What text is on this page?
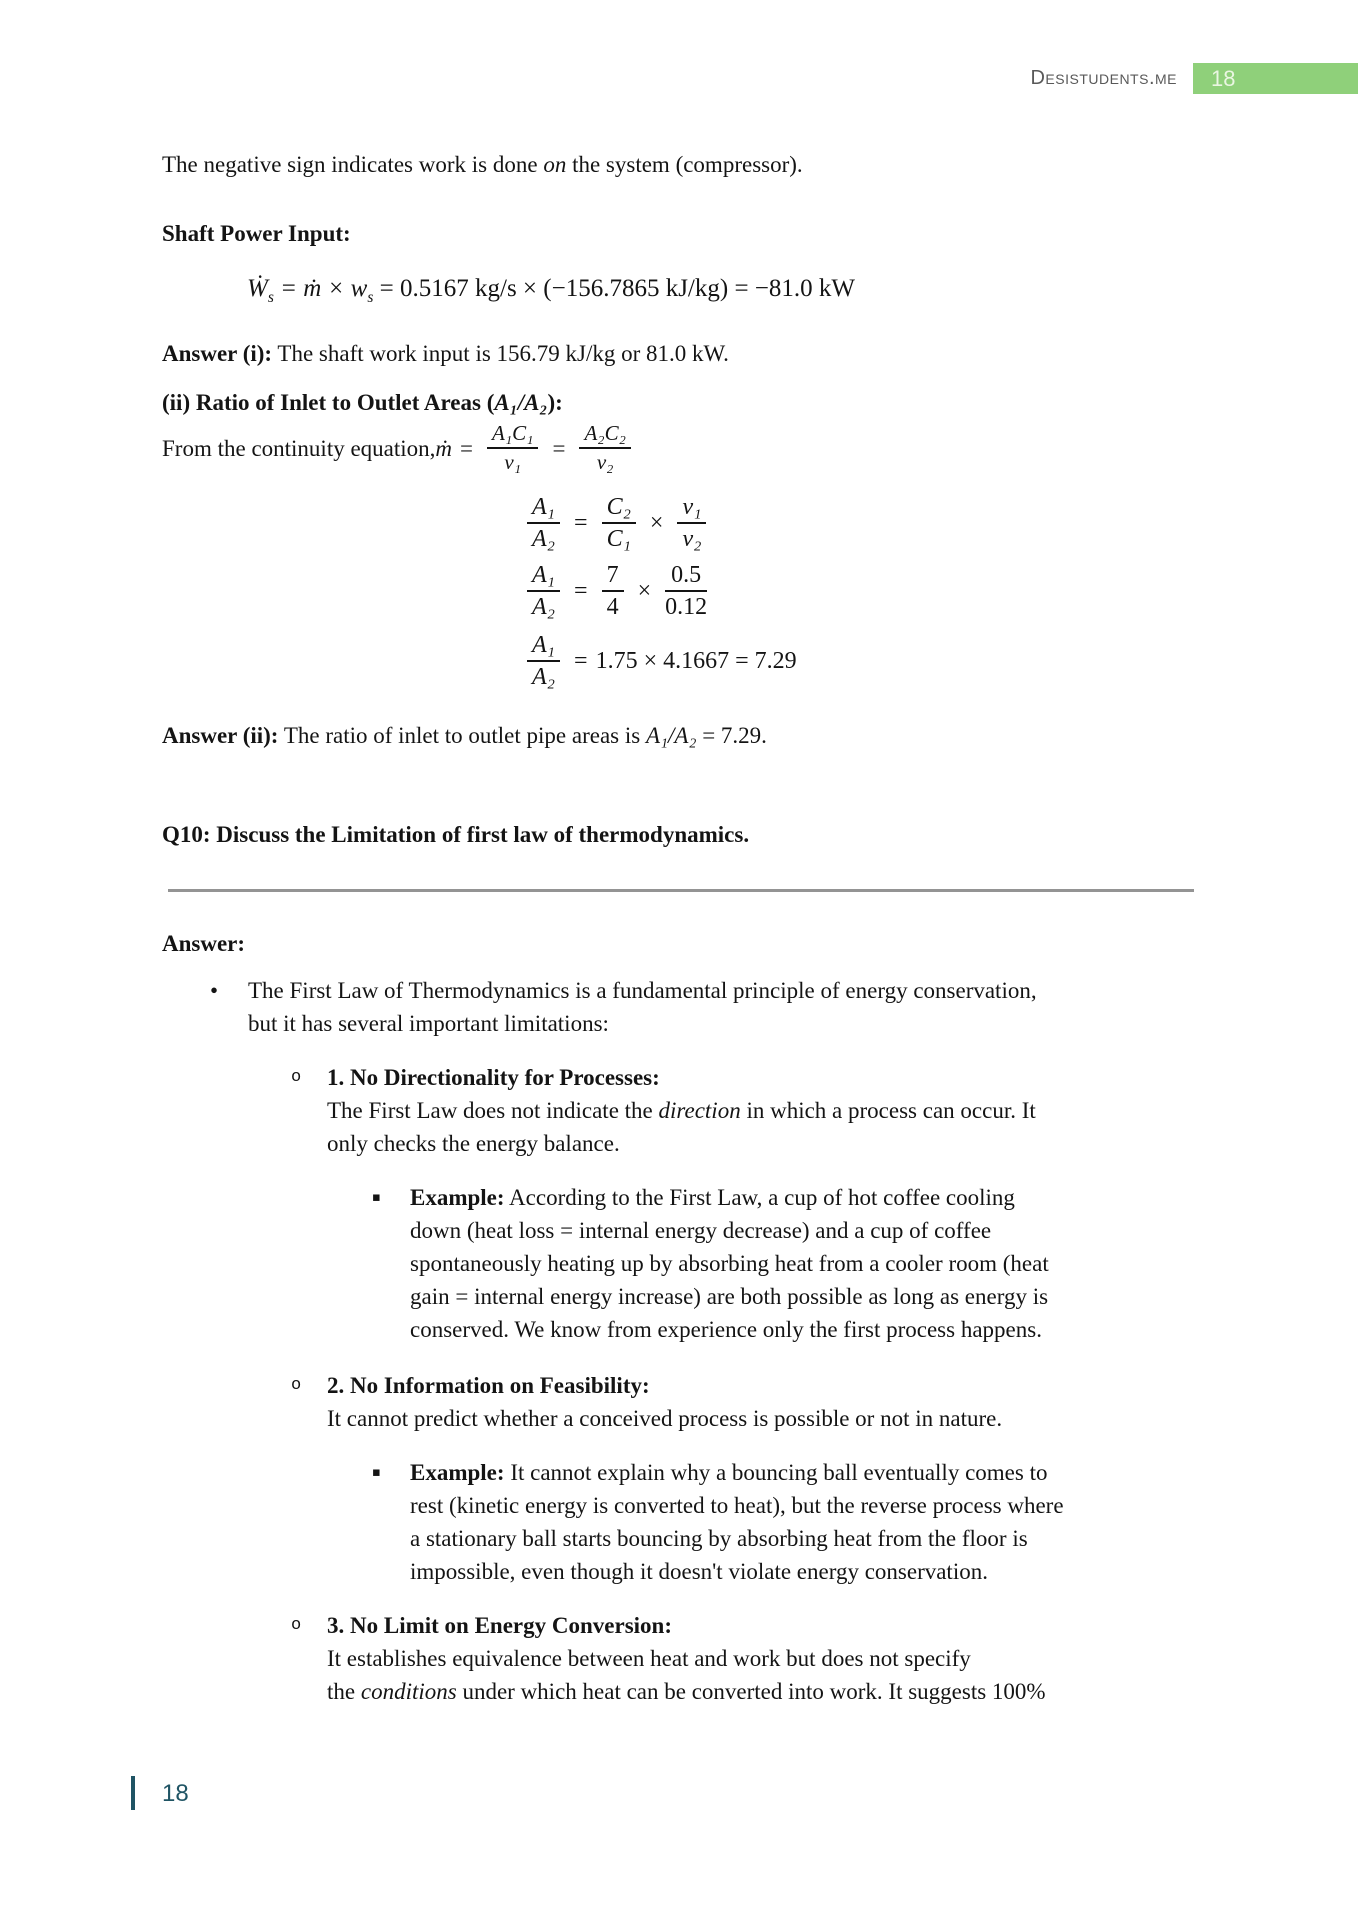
Desistudents.me	18

The negative sign indicates work is done on the system (compressor).

Shaft Power Input:

Ẇ$_s$ = ṁ × $w_s = 0.5167$ kg/s × (−156.7865 kJ/kg) = −81.0 kW

Answer (i): The shaft work input is 156.79 kJ/kg or 81.0 kW.

(ii) Ratio of Inlet to Outlet Areas (A₁/A₂):

From the continuity equation, ṁ = $\frac{\text{A₁C₁}}{\text{v₁}} = \frac{\text{A₂C₂}}{\text{v₂}}$
$\frac{\text{A₁}}{\text{A₂}} = \frac{\text{C₂}}{\text{C₁}} \times \frac{\text{v₁}}{\text{v₂}}$
$\frac{\text{A₁}}{\text{A₂}} = \frac{7}{4} \times \frac{0.5}{0.12}$
$\frac{\text{A₁}}{\text{A₂}} = 1.75 \times 4.1667 = 7.29$

Answer (ii): The ratio of inlet to outlet pipe areas is A₁/A₂ = 7.29.

Q10: Discuss the Limitation of first law of thermodynamics.

Answer:

•	The First Law of Thermodynamics is a fundamental principle of energy conservation,
but it has several important limitations:
o	1. No Directionality for Processes:
The First Law does not indicate the direction in which a process can occur. It
only checks the energy balance.
▪	Example: According to the First Law, a cup of hot coffee cooling
down (heat loss = internal energy decrease) and a cup of coffee
spontaneously heating up by absorbing heat from a cooler room (heat
gain = internal energy increase) are both possible as long as energy is
conserved. We know from experience only the first process happens.
o	2. No Information on Feasibility:
It cannot predict whether a conceived process is possible or not in nature.
▪	Example: It cannot explain why a bouncing ball eventually comes to
rest (kinetic energy is converted to heat), but the reverse process where
a stationary ball starts bouncing by absorbing heat from the floor is
impossible, even though it doesn't violate energy conservation.
o	3. No Limit on Energy Conversion:
It establishes equivalence between heat and work but does not specify
the conditions under which heat can be converted into work. It suggests 100%
18
